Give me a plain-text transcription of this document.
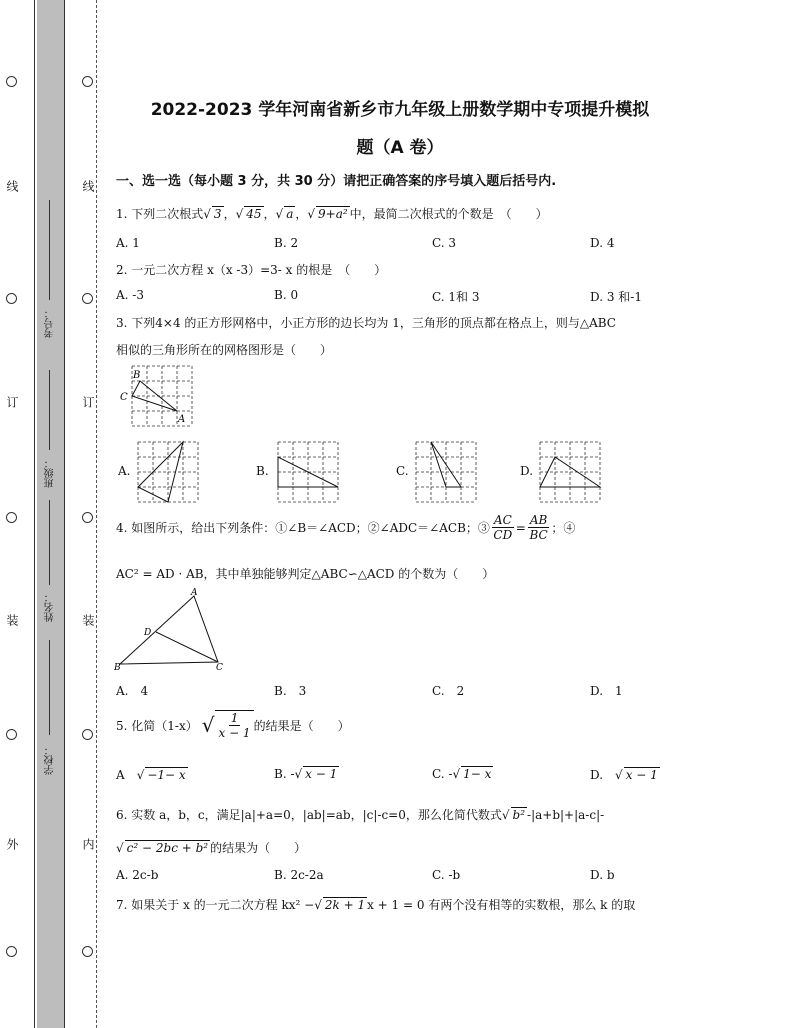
线
订
装
外
线
订
装
内
考号：
班级：
姓名：
学校：
2022-2023 学年河南省新乡市九年级上册数学期中专项提升模拟
题（A 卷）
一、选一选（每小题 3 分，共 30 分）请把正确答案的序号填入题后括号内.
1. 下列二次根式√ 3 ，√ 45 ，√ a ，√ 9+a² 中，最简二次根式的个数是　（　　）
A. 1	B. 2	C. 3	D. 4
2. 一元二次方程 x（x -3）=3- x 的根是　（　　）
A. -3	B. 0	C. 1和 3	D. 3 和-1
3. 下列4×4 的正方形网格中，小正方形的边长均为 1，三角形的顶点都在格点上，则与△ABC
相似的三角形所在的网格图形是（　　）
B
C
A
A.	B.	C.	D.
4. 如图所示，给出下列条件：①∠B＝∠ACD；②∠ADC＝∠ACB；③ $\frac{AC}{CD} = \frac{AB}{BC}$ ；④
AC² = AD · AB，其中单独能够判定△ABC∽△ACD 的个数为（　　）
A
D
B	C
A.　4	B.　3	C.　2	D.　1
5. 化简（1-x） √ $\frac{1}{x - 1}$ 的结果是（　　）
A　 √ −1− x	B. -√ x − 1	C. -√ 1− x	D.　 √ x − 1
6. 实数 a，b，c，满足|a|+a=0，|ab|=ab，|c|-c=0，那么化简代数式√ b² -|a+b|+|a-c|-
√ c² − 2bc + b² 的结果为（　　）
A. 2c-b	B. 2c-2a	C. -b	D. b
7. 如果关于 x 的一元二次方程 kx² −√ 2k + 1 x + 1 = 0 有两个没有相等的实数根，那么 k 的取
